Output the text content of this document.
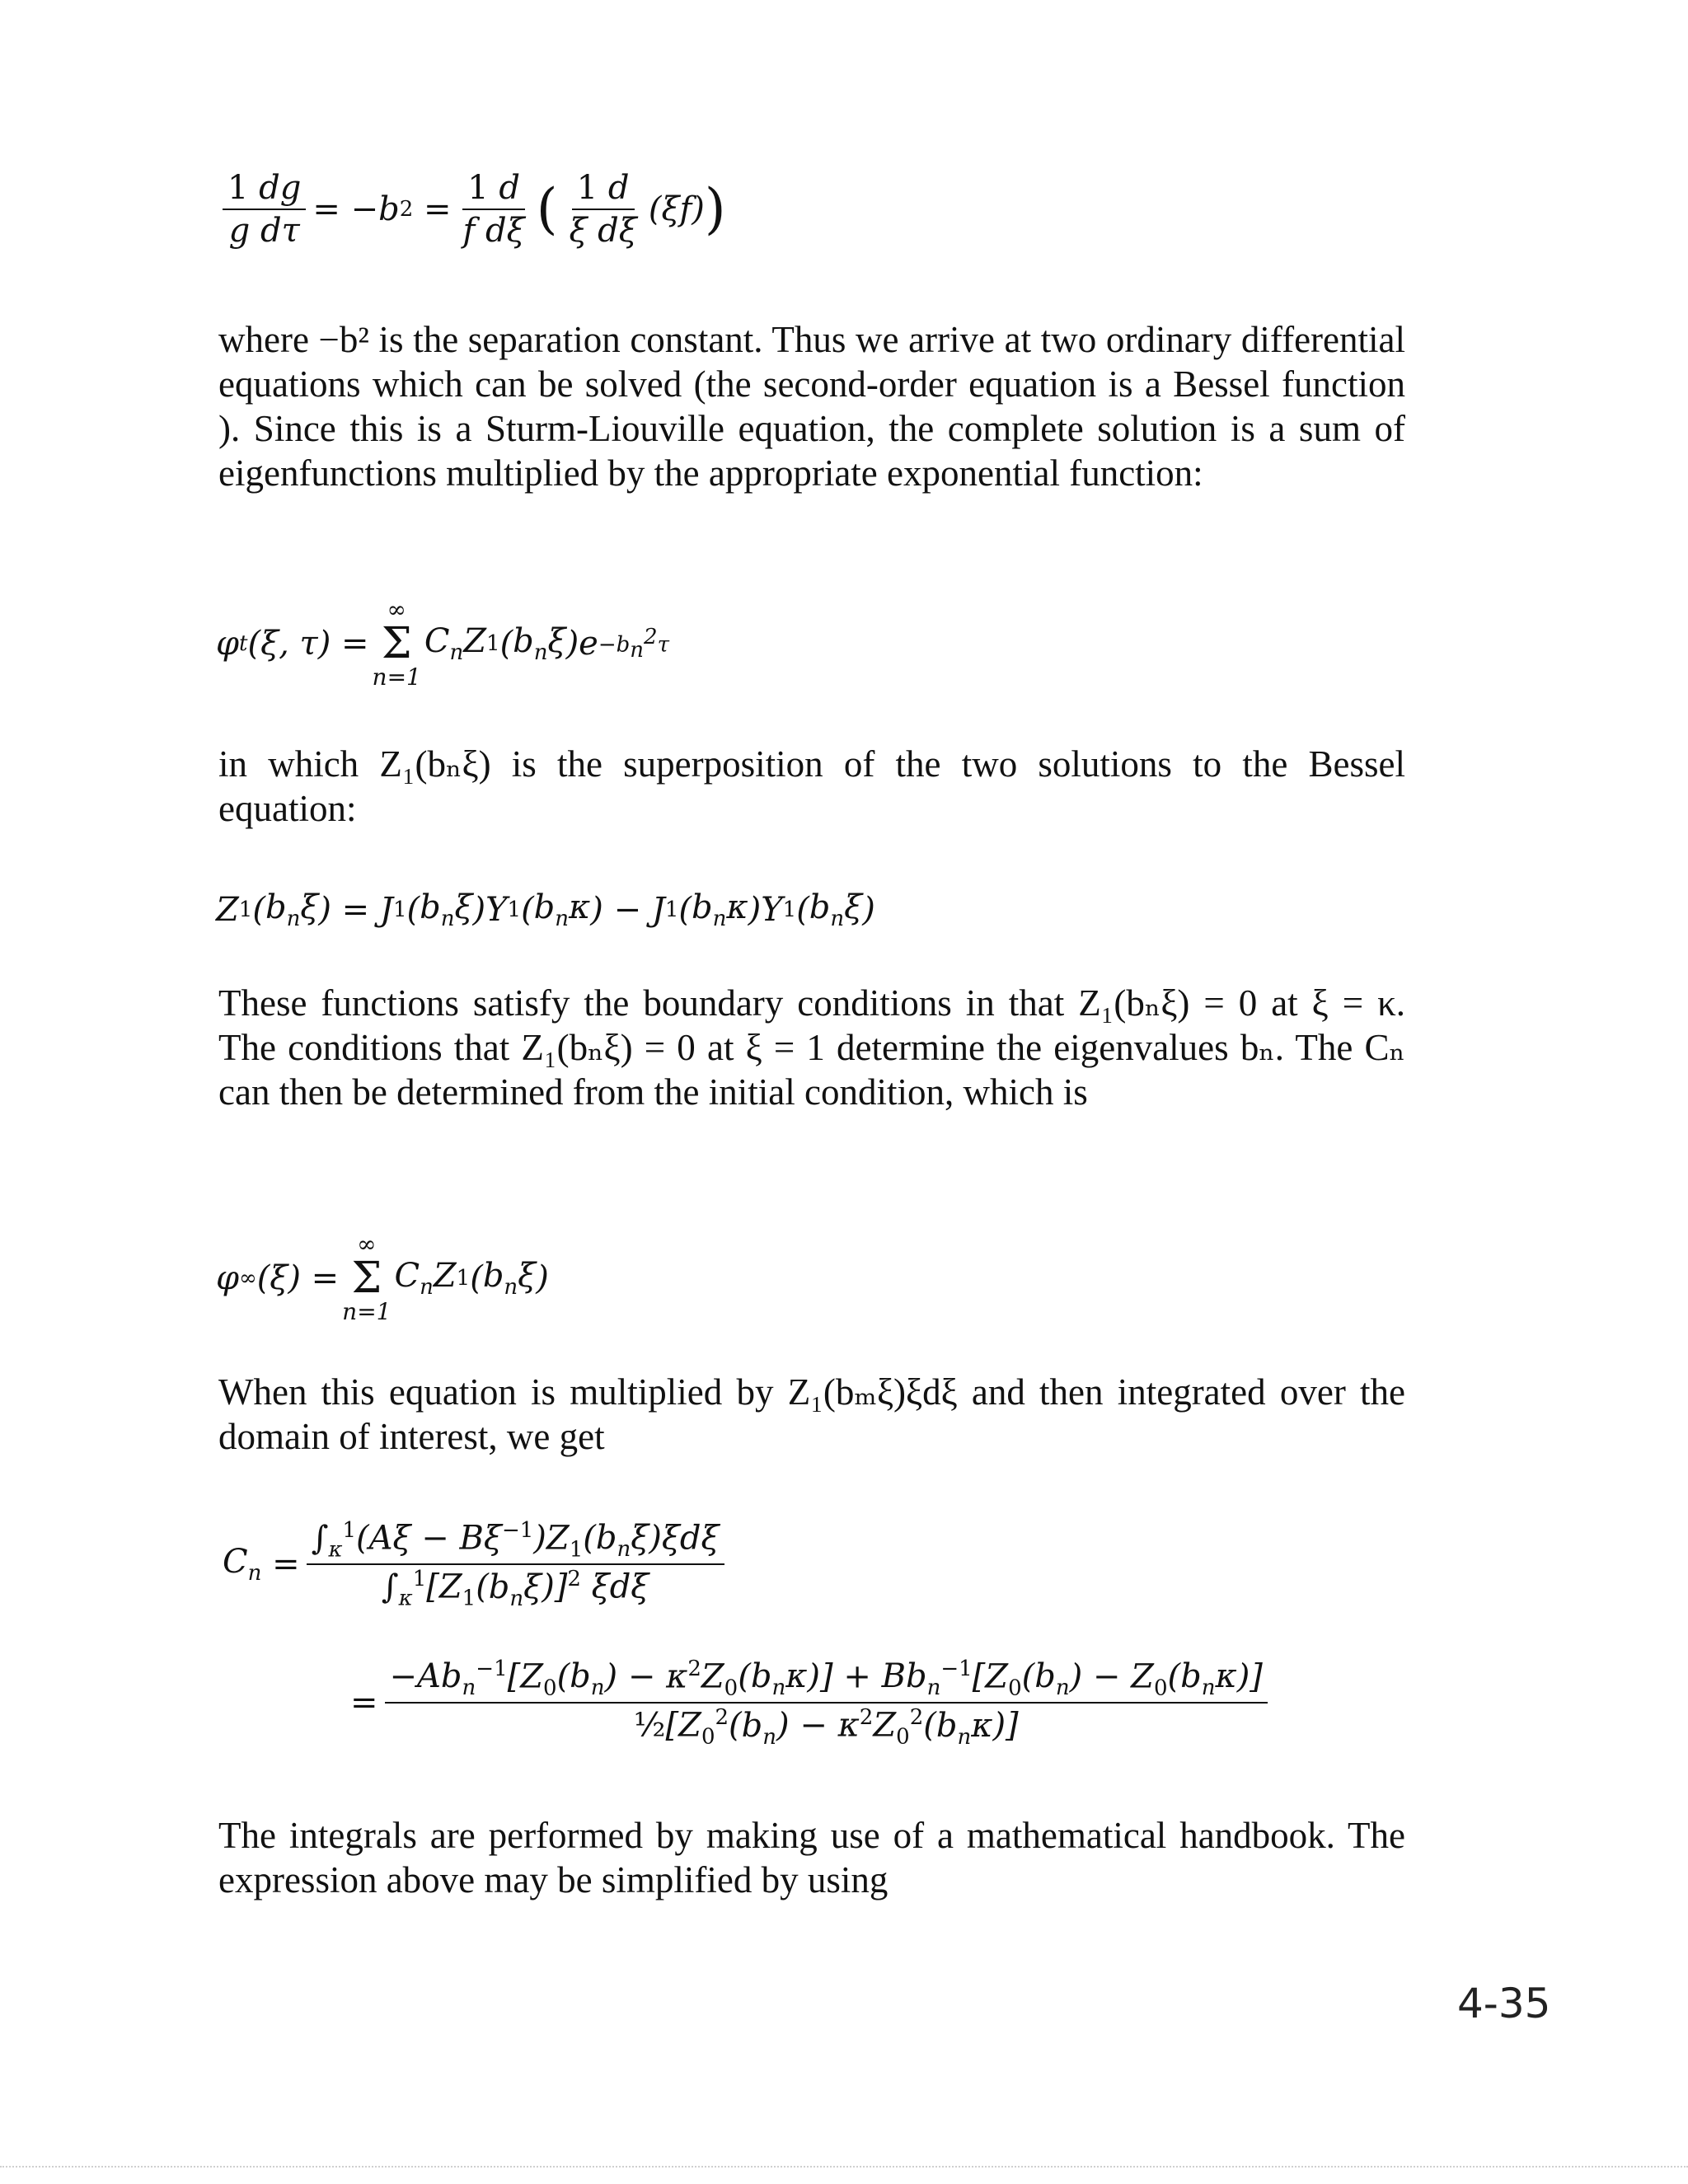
$\frac{1 dg}{\text{g dτ}}$ = − b 2
= $\frac{1 d}{\text{f dξ}}$ ( $\frac{1 d}{\text{ξ dξ}}$ ( ξf ) )

where −b² is the separation constant. Thus we arrive at two ordinary differential equations which can be solved (the second-order equation is a Bessel function ). Since this is a Sturm-Liouville equation, the complete solution is a sum of eigenfunctions multiplied by the appropriate exponential function:

φ t ( ξ , τ ) =
∞
Σ
n=1
$C_nZ$ 1 ( $b_n\xi$ ) $e -b_n^2\tau$

in which Z₁(bₙξ) is the superposition of the two solutions to the Bessel equation:

Z 1 ( $b_n\xi$ ) =
J 1 ( $b_n\xi$ ) Y 1 ( $b_n\kappa$ ) − J 1 ( $b_n\kappa$ ) Y 1 ( $b_n\xi$ )

These functions satisfy the boundary conditions in that Z₁(bₙξ) = 0 at ξ = κ. The conditions that Z₁(bₙξ) = 0 at ξ = 1 determine the eigenvalues bₙ. The Cₙ can then be determined from the initial condition, which is

φ ∞ ( ξ ) =
∞
Σ
n=1
$C_nZ$ 1 ( $b_n\xi$ )

When this equation is multiplied by Z₁(bₘξ)ξdξ and then integrated over the domain of interest, we get

$C_n$
= $\frac{\int_\kappa^1(A\xi - B\xi^{-1})Z_1(b_n\xi)\xi d\xi}{\int_\kappa^1[Z_1(b_n\xi)]^2 \xi d\xi}$
= $\frac{-Ab_n^{-1}[Z_0(b_n) - \kappa^2Z_0(b_n\kappa)] + Bb_n^{-1}[Z_0(b_n) - Z_0(b_n\kappa)]}{\frac{1}{2}[Z_0^2(b_n) - \kappa^2Z_0^2(b_n\kappa)]}$

The integrals are performed by making use of a mathematical handbook. The expression above may be simplified by using

4-35
